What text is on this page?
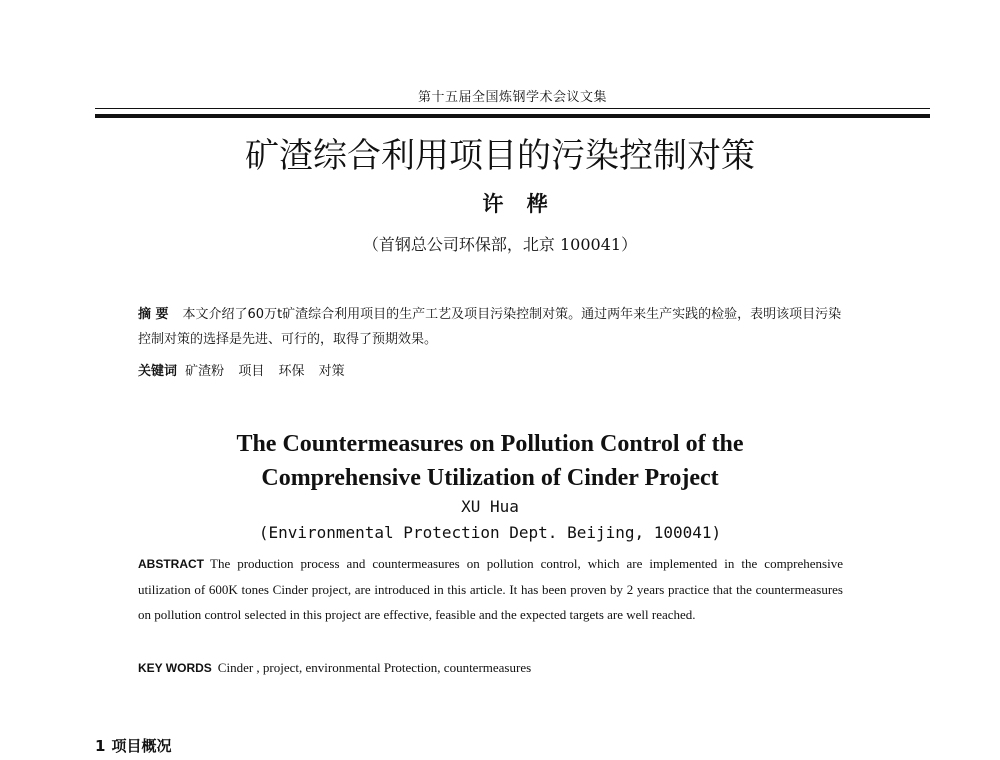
第十五届全国炼钢学术会议文集
矿渣综合利用项目的污染控制对策
许 桦
（首钢总公司环保部，北京 100041）
摘 要 本文介绍了60万t矿渣综合利用项目的生产工艺及项目污染控制对策。通过两年来生产实践的检验，表明该项目污染控制对策的选择是先进、可行的，取得了预期效果。
关键词 矿渣粉 项目 环保 对策
The Countermeasures on Pollution Control of the
Comprehensive Utilization of Cinder Project
XU Hua
(Environmental Protection Dept. Beijing, 100041)
ABSTRACT The production process and countermeasures on pollution control, which are implemented in the comprehensive utilization of 600K tones Cinder project, are introduced in this article. It has been proven by 2 years practice that the countermeasures on pollution control selected in this project are effective, feasible and the expected targets are well reached.
KEY WORDS Cinder , project, environmental Protection, countermeasures
1 项目概况
